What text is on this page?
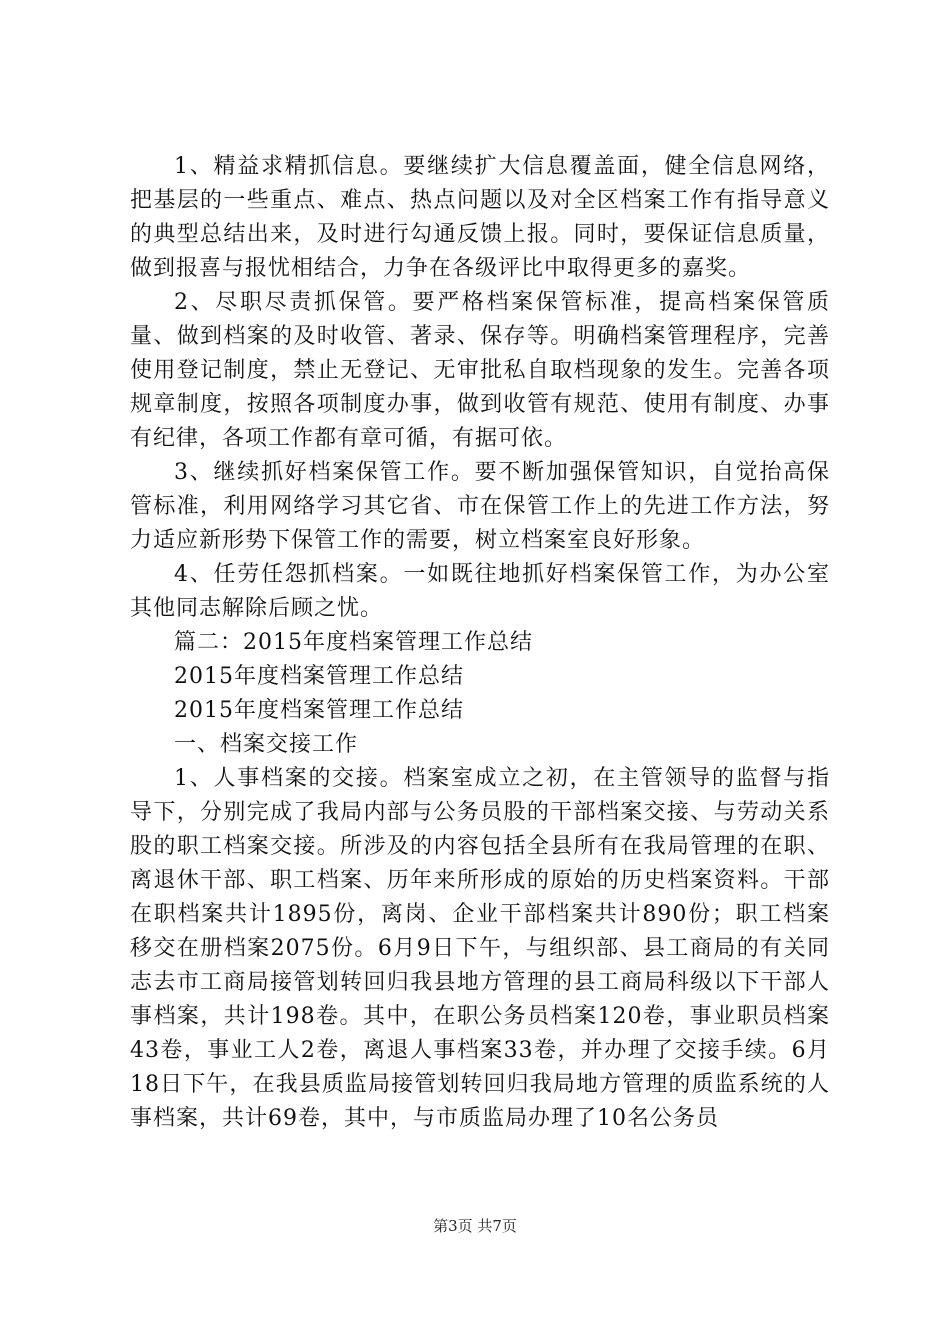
1、精益求精抓信息。要继续扩大信息覆盖面，健全信息网络，把基层的一些重点、难点、热点问题以及对全区档案工作有指导意义的典型总结出来，及时进行勾通反馈上报。同时，要保证信息质量，做到报喜与报忧相结合，力争在各级评比中取得更多的嘉奖。

2、尽职尽责抓保管。要严格档案保管标准，提高档案保管质量、做到档案的及时收管、著录、保存等。明确档案管理程序，完善使用登记制度，禁止无登记、无审批私自取档现象的发生。完善各项规章制度，按照各项制度办事，做到收管有规范、使用有制度、办事有纪律，各项工作都有章可循，有据可依。

3、继续抓好档案保管工作。要不断加强保管知识，自觉抬高保管标准，利用网络学习其它省、市在保管工作上的先进工作方法，努力适应新形势下保管工作的需要，树立档案室良好形象。

4、任劳任怨抓档案。一如既往地抓好档案保管工作，为办公室其他同志解除后顾之忧。

篇二：2015年度档案管理工作总结

2015年度档案管理工作总结

2015年度档案管理工作总结

一、档案交接工作

1、人事档案的交接。档案室成立之初，在主管领导的监督与指导下，分别完成了我局内部与公务员股的干部档案交接、与劳动关系股的职工档案交接。所涉及的内容包括全县所有在我局管理的在职、离退休干部、职工档案、历年来所形成的原始的历史档案资料。干部在职档案共计1895份，离岗、企业干部档案共计890份；职工档案移交在册档案2075份。6月9日下午，与组织部、县工商局的有关同志去市工商局接管划转回归我县地方管理的县工商局科级以下干部人事档案，共计198卷。其中，在职公务员档案120卷，事业职员档案43卷，事业工人2卷，离退人事档案33卷，并办理了交接手续。6月18日下午，在我县质监局接管划转回归我局地方管理的质监系统的人事档案，共计69卷，其中，与市质监局办理了10名公务员

第3页 共7页
